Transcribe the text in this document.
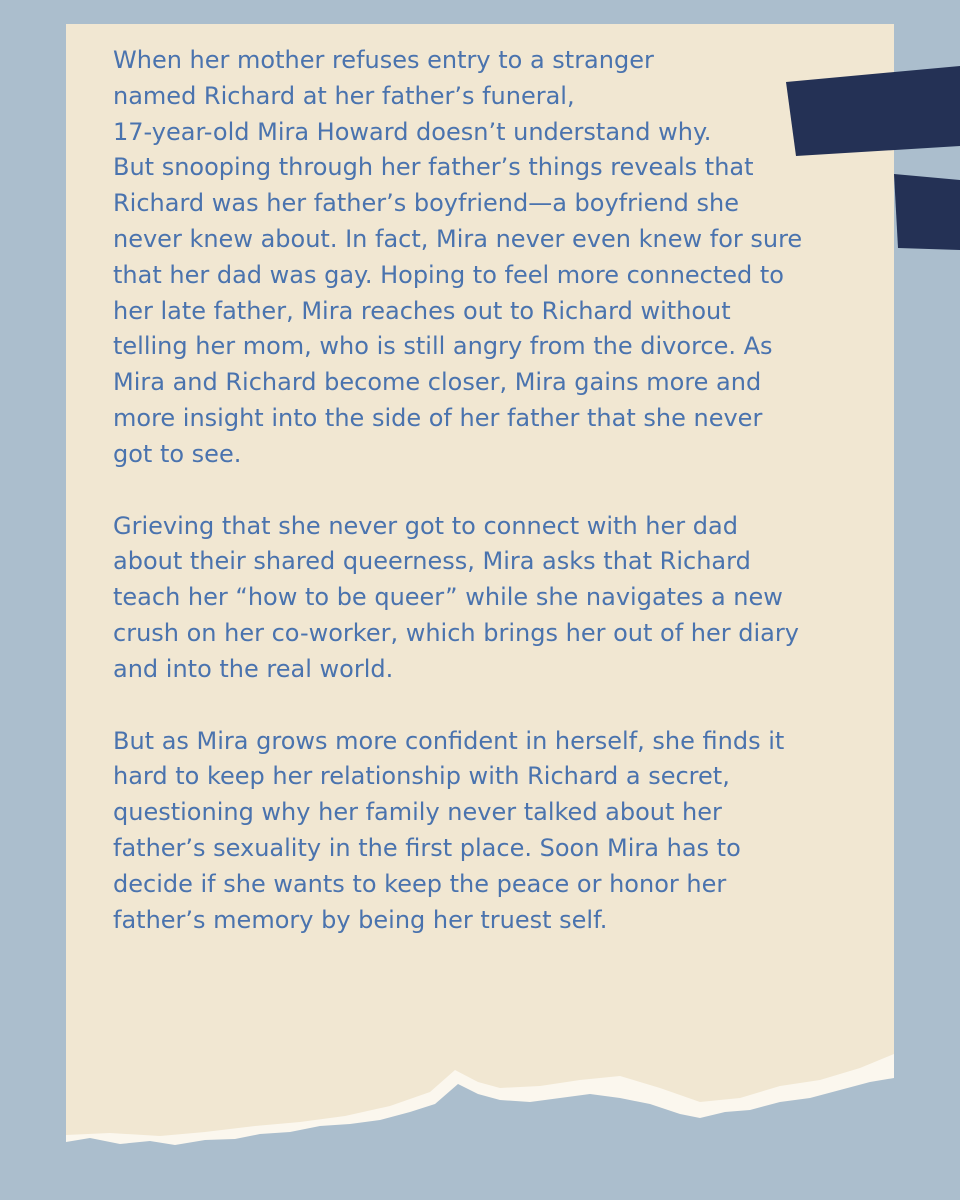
When her mother refuses entry to a stranger
named Richard at her father’s funeral,
17-year-old Mira Howard doesn’t understand why.
But snooping through her father’s things reveals that
Richard was her father’s boyfriend—a boyfriend she
never knew about. In fact, Mira never even knew for sure
that her dad was gay. Hoping to feel more connected to
her late father, Mira reaches out to Richard without
telling her mom, who is still angry from the divorce. As
Mira and Richard become closer, Mira gains more and
more insight into the side of her father that she never
got to see.
Grieving that she never got to connect with her dad
about their shared queerness, Mira asks that Richard
teach her “how to be queer” while she navigates a new
crush on her co-worker, which brings her out of her diary
and into the real world.
But as Mira grows more confident in herself, she finds it
hard to keep her relationship with Richard a secret,
questioning why her family never talked about her
father’s sexuality in the first place. Soon Mira has to
decide if she wants to keep the peace or honor her
father’s memory by being her truest self.
